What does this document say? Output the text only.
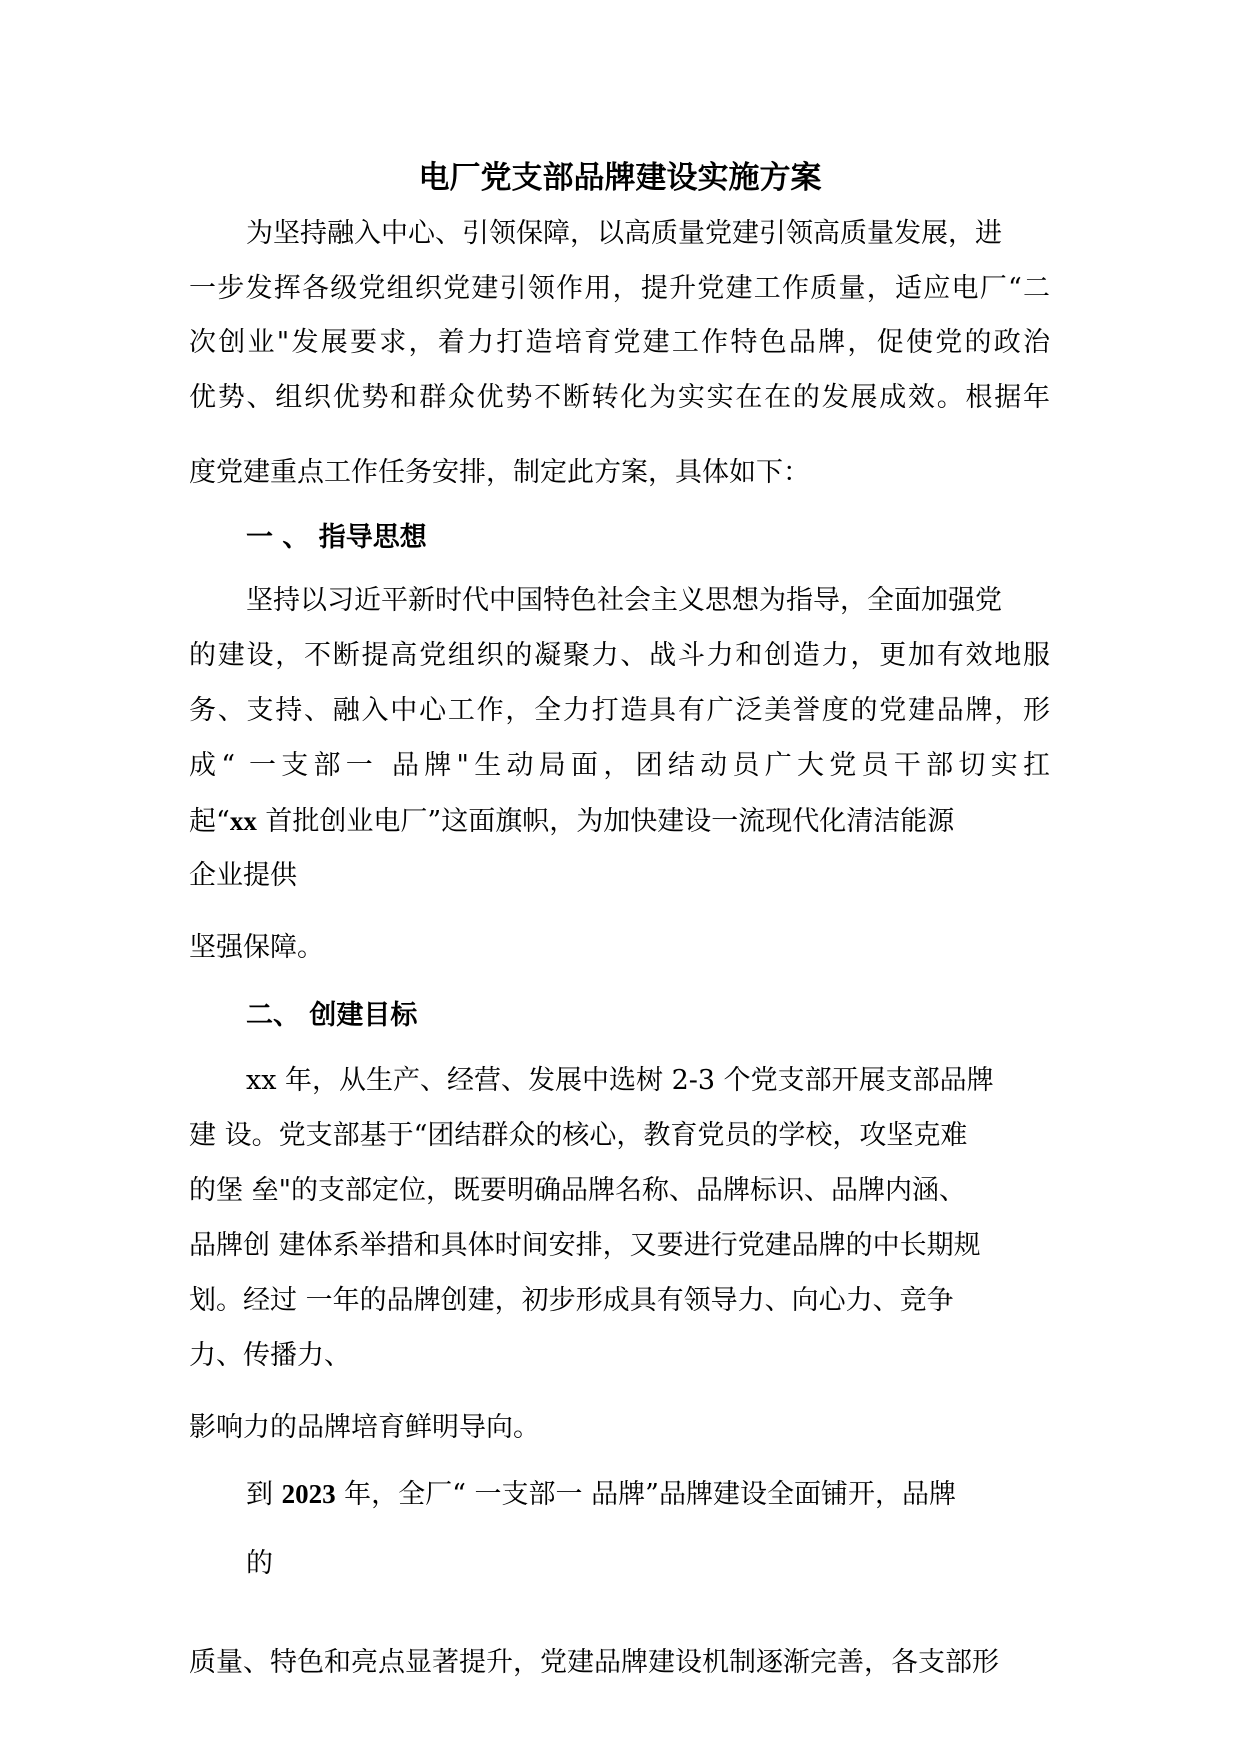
电厂党支部品牌建设实施方案
为坚持融入中心、引领保障，以高质量党建引领高质量发展，进
一步发挥各级党组织党建引领作用，提升党建工作质量，适应电厂“二
次创业"发展要求，着力打造培育党建工作特色品牌，促使党的政治
优势、组织优势和群众优势不断转化为实实在在的发展成效。根据年
度党建重点工作任务安排，制定此方案，具体如下：
一 、 指导思想
坚持以习近平新时代中国特色社会主义思想为指导，全面加强党
的建设，不断提高党组织的凝聚力、战斗力和创造力，更加有效地服
务、支持、融入中心工作，全力打造具有广泛美誉度的党建品牌，形
成“ 一支部一 品牌"生动局面，团结动员广大党员干部切实扛
起“xx 首批创业电厂”这面旗帜，为加快建设一流现代化清洁能源
企业提供
坚强保障。
二、 创建目标
xx 年，从生产、经营、发展中选树 2-3 个党支部开展支部品牌
建 设。党支部基于“团结群众的核心，教育党员的学校，攻坚克难
的堡 垒"的支部定位，既要明确品牌名称、品牌标识、品牌内涵、
品牌创 建体系举措和具体时间安排，又要进行党建品牌的中长期规
划。经过 一年的品牌创建，初步形成具有领导力、向心力、竞争
力、传播力、
影响力的品牌培育鲜明导向。
到 2023 年，全厂“ 一支部一 品牌”品牌建设全面铺开，品牌
的
质量、特色和亮点显著提升，党建品牌建设机制逐渐完善，各支部形
